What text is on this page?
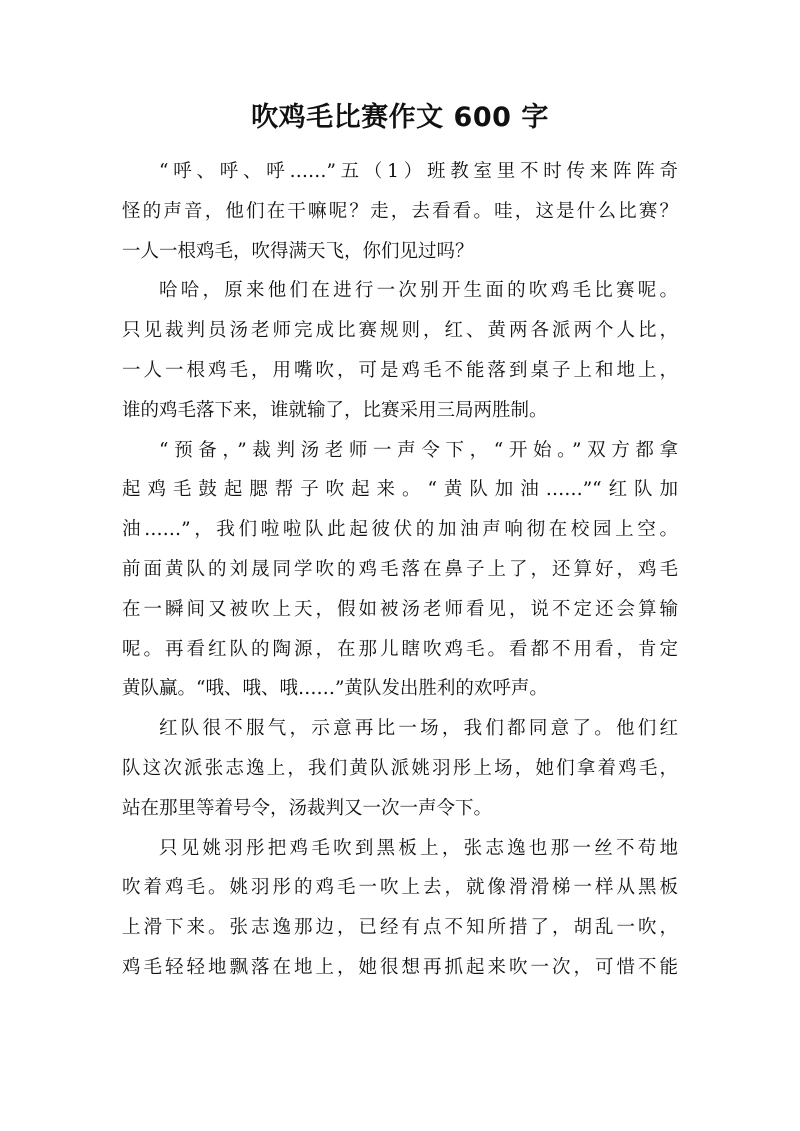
吹鸡毛比赛作文 600 字
“呼、呼、呼……”五（1）班教室里不时传来阵阵奇
怪的声音，他们在干嘛呢？走，去看看。哇，这是什么比赛？
一人一根鸡毛，吹得满天飞，你们见过吗？
哈哈，原来他们在进行一次别开生面的吹鸡毛比赛呢。
只见裁判员汤老师完成比赛规则，红、黄两各派两个人比，
一人一根鸡毛，用嘴吹，可是鸡毛不能落到桌子上和地上，
谁的鸡毛落下来，谁就输了，比赛采用三局两胜制。
“预备，”裁判汤老师一声令下，“开始。”双方都拿
起鸡毛鼓起腮帮子吹起来。“黄队加油……”“红队加
油……”，我们啦啦队此起彼伏的加油声响彻在校园上空。
前面黄队的刘晟同学吹的鸡毛落在鼻子上了，还算好，鸡毛
在一瞬间又被吹上天，假如被汤老师看见，说不定还会算输
呢。再看红队的陶源，在那儿瞎吹鸡毛。看都不用看，肯定
黄队赢。“哦、哦、哦……”黄队发出胜利的欢呼声。
红队很不服气，示意再比一场，我们都同意了。他们红
队这次派张志逸上，我们黄队派姚羽彤上场，她们拿着鸡毛，
站在那里等着号令，汤裁判又一次一声令下。
只见姚羽彤把鸡毛吹到黑板上，张志逸也那一丝不苟地
吹着鸡毛。姚羽彤的鸡毛一吹上去，就像滑滑梯一样从黑板
上滑下来。张志逸那边，已经有点不知所措了，胡乱一吹，
鸡毛轻轻地飘落在地上，她很想再抓起来吹一次，可惜不能
